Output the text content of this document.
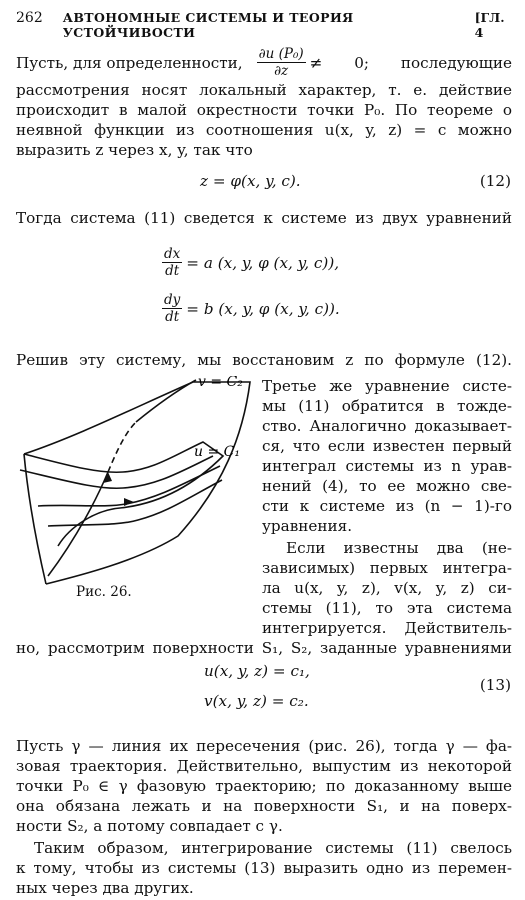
262 АВТОНОМНЫЕ СИСТЕМЫ И ТЕОРИЯ УСТОЙЧИВОСТИ
[ГЛ. 4
Пусть, для определенности, $\frac{\text{∂u (P₀)}}{\partial z} \ne 0$; последующие
рассмотрения носят локальный характер, т. е. действие
происходит в малой окрестности точки P₀. По теореме о
неявной функции из соотношения u(x, y, z) = c можно
выразить z через x, y, так что
z = φ(x, y, c).	(12)
Тогда система (11) сведется к системе из двух уравнений
$\frac{dx}{dt} = a$ (x, y, φ (x, y, c)),
$\frac{dy}{dt} = b$ (x, y, φ (x, y, c)).
Решив эту систему, мы восстановим z по формуле (12).
v = C₂
u = C₁
Рис. 26.
Третье же уравнение систе-
мы (11) обратится в тожде-
ство. Аналогично доказывает-
ся, что если известен первый
интеграл системы из n урав-
нений (4), то ее можно све-
сти к системе из (n − 1)-го
уравнения.
Если известны два (не-
зависимых) первых интегра-
ла u(x, y, z), v(x, y, z) си-
стемы (11), то эта система
интегрируется. Действитель-
но, рассмотрим поверхности S₁, S₂, заданные уравнениями
u(x, y, z) = c₁,
v(x, y, z) = c₂.
(13)
Пусть γ — линия их пересечения (рис. 26), тогда γ — фа-
зовая траектория. Действительно, выпустим из некоторой
точки P₀ ∈ γ фазовую траекторию; по доказанному выше
она обязана лежать и на поверхности S₁, и на поверх-
ности S₂, а потому совпадает с γ.
Таким образом, интегрирование системы (11) свелось
к тому, чтобы из системы (13) выразить одно из перемен-
ных через два других.
